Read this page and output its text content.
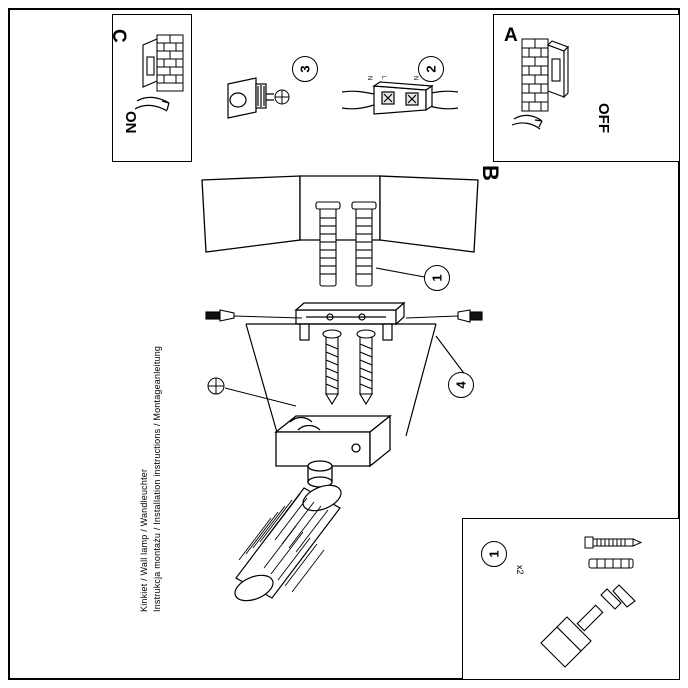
A
OFF
C
ON
3
N L	N
2
B
1
4
1
x2
Instrukcja montażu / Installation instructions / Montageanleitung
Kinkiet / Wall lamp / Wandleuchter
